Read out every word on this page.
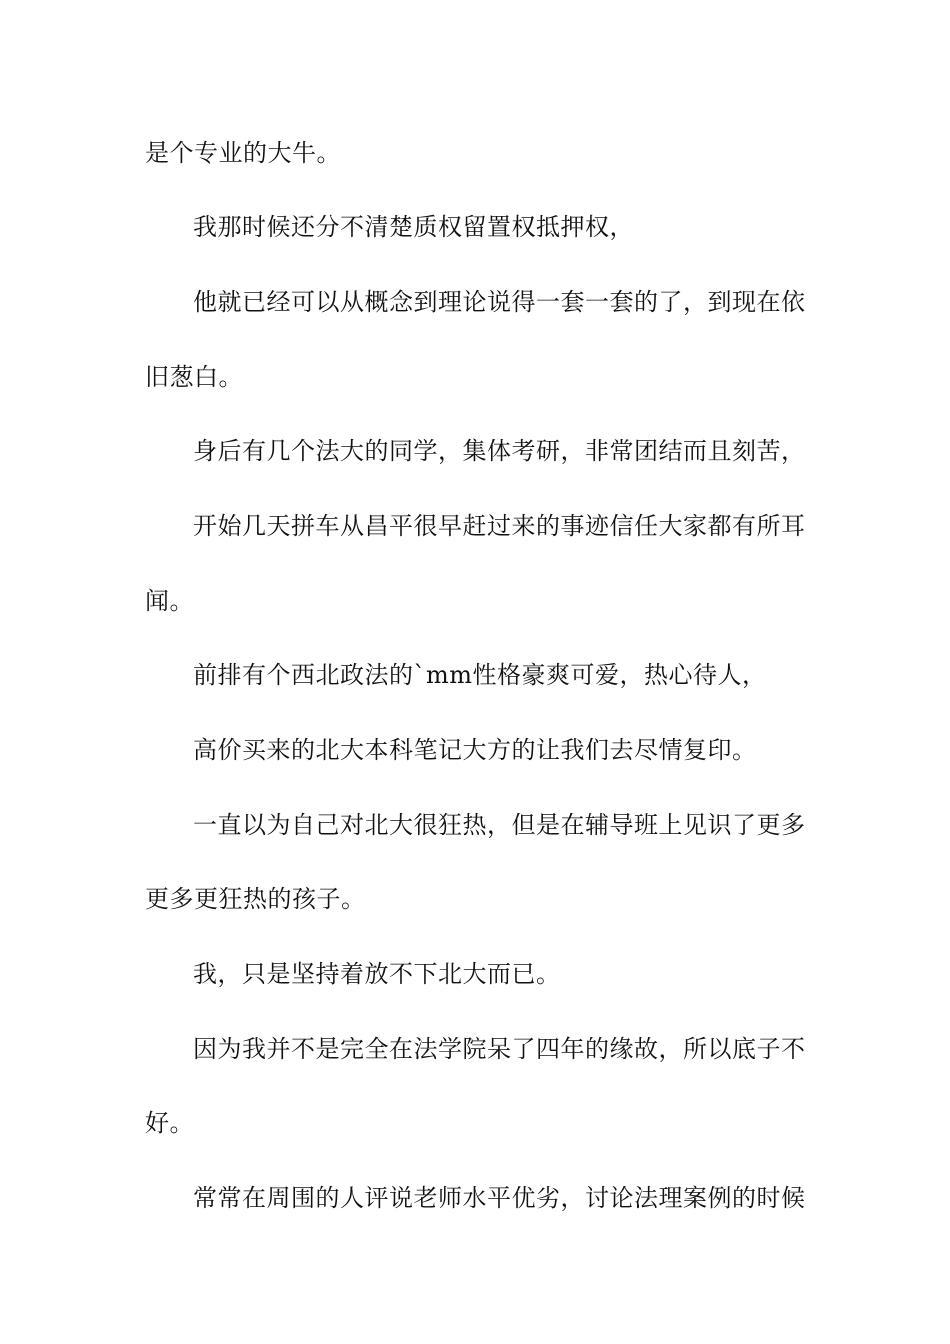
是个专业的大牛。
我那时候还分不清楚质权留置权抵押权，
他就已经可以从概念到理论说得一套一套的了，到现在依
旧葱白。
身后有几个法大的同学，集体考研，非常团结而且刻苦，
开始几天拼车从昌平很早赶过来的事迹信任大家都有所耳
闻。
前排有个西北政法的`mm性格豪爽可爱，热心待人，
高价买来的北大本科笔记大方的让我们去尽情复印。
一直以为自己对北大很狂热，但是在辅导班上见识了更多
更多更狂热的孩子。
我，只是坚持着放不下北大而已。
因为我并不是完全在法学院呆了四年的缘故，所以底子不
好。
常常在周围的人评说老师水平优劣，讨论法理案例的时候
